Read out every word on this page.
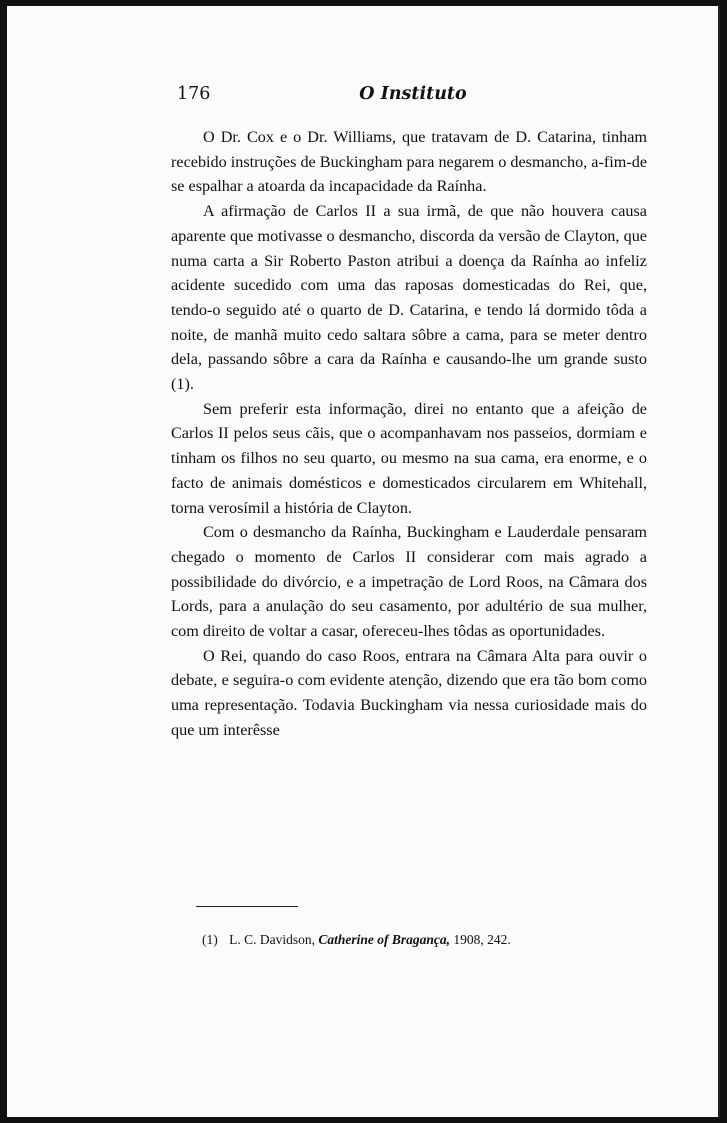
176	O Instituto

O Dr. Cox e o Dr. Williams, que tratavam de D. Catarina, tinham recebido instruções de Buckingham para negarem o desmancho, a-fim-de se espalhar a atoarda da incapacidade da Raínha.

A afirmação de Carlos II a sua irmã, de que não houvera causa aparente que motivasse o desmancho, discorda da versão de Clayton, que numa carta a Sir Roberto Paston atribui a doença da Raínha ao infeliz acidente sucedido com uma das raposas domesticadas do Rei, que, tendo-o seguido até o quarto de D. Catarina, e tendo lá dormido tôda a noite, de manhã muito cedo saltara sôbre a cama, para se meter dentro dela, passando sôbre a cara da Raínha e causando-lhe um grande susto (1).

Sem preferir esta informação, direi no entanto que a afeição de Carlos II pelos seus cãis, que o acompanhavam nos passeios, dormiam e tinham os filhos no seu quarto, ou mesmo na sua cama, era enorme, e o facto de animais domésticos e domesticados circularem em Whitehall, torna verosímil a história de Clayton.

Com o desmancho da Raínha, Buckingham e Lauderdale pensaram chegado o momento de Carlos II considerar com mais agrado a possibilidade do divórcio, e a impetração de Lord Roos, na Câmara dos Lords, para a anulação do seu casamento, por adultério de sua mulher, com direito de voltar a casar, ofereceu-lhes tôdas as oportunidades.

O Rei, quando do caso Roos, entrara na Câmara Alta para ouvir o debate, e seguira-o com evidente atenção, dizendo que era tão bom como uma representação. Todavia Buckingham via nessa curiosidade mais do que um interêsse

(1) L. C. Davidson, Catherine of Bragança, 1908, 242.
